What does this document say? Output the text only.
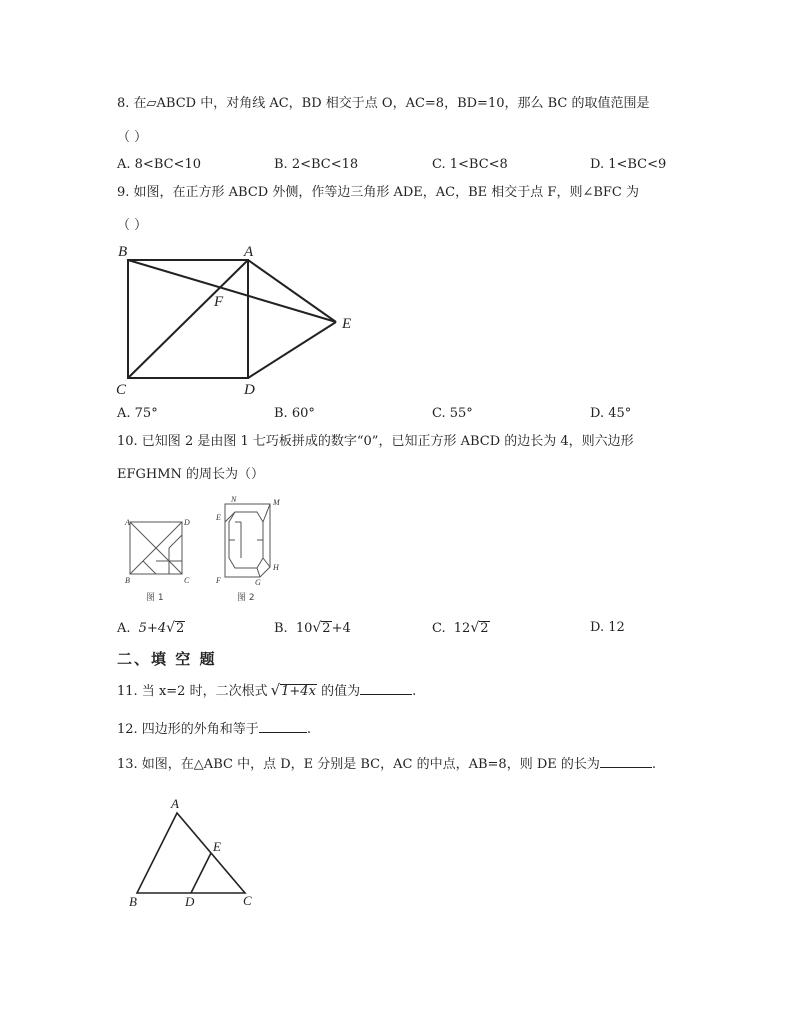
8. 在▱ABCD 中，对角线 AC，BD 相交于点 O，AC=8，BD=10，那么 BC 的取值范围是
（ ）
A. 8<BC<10	B. 2<BC<18	C. 1<BC<8	D. 1<BC<9
9. 如图，在正方形 ABCD 外侧，作等边三角形 ADE，AC，BE 相交于点 F，则∠BFC 为
（ ）
B	A
F
E
C	D
A. 75°	B. 60°	C. 55°	D. 45°
10. 已知图 2 是由图 1 七巧板拼成的数字“0”，已知正方形 ABCD 的边长为 4，则六边形
EFGHMN 的周长为（）
A	D
B	C
图 1
N	M
E
H
F	G
图 2
A. 5+4√2	B. 10√2+4	C. 12√2	D. 12
二、填 空 题
11. 当 x=2 时，二次根式 √1+4x 的值为	.
12. 四边形的外角和等于	.
13. 如图，在△ABC 中，点 D，E 分别是 BC，AC 的中点，AB=8，则 DE 的长为	.
A
E
B	D	C
